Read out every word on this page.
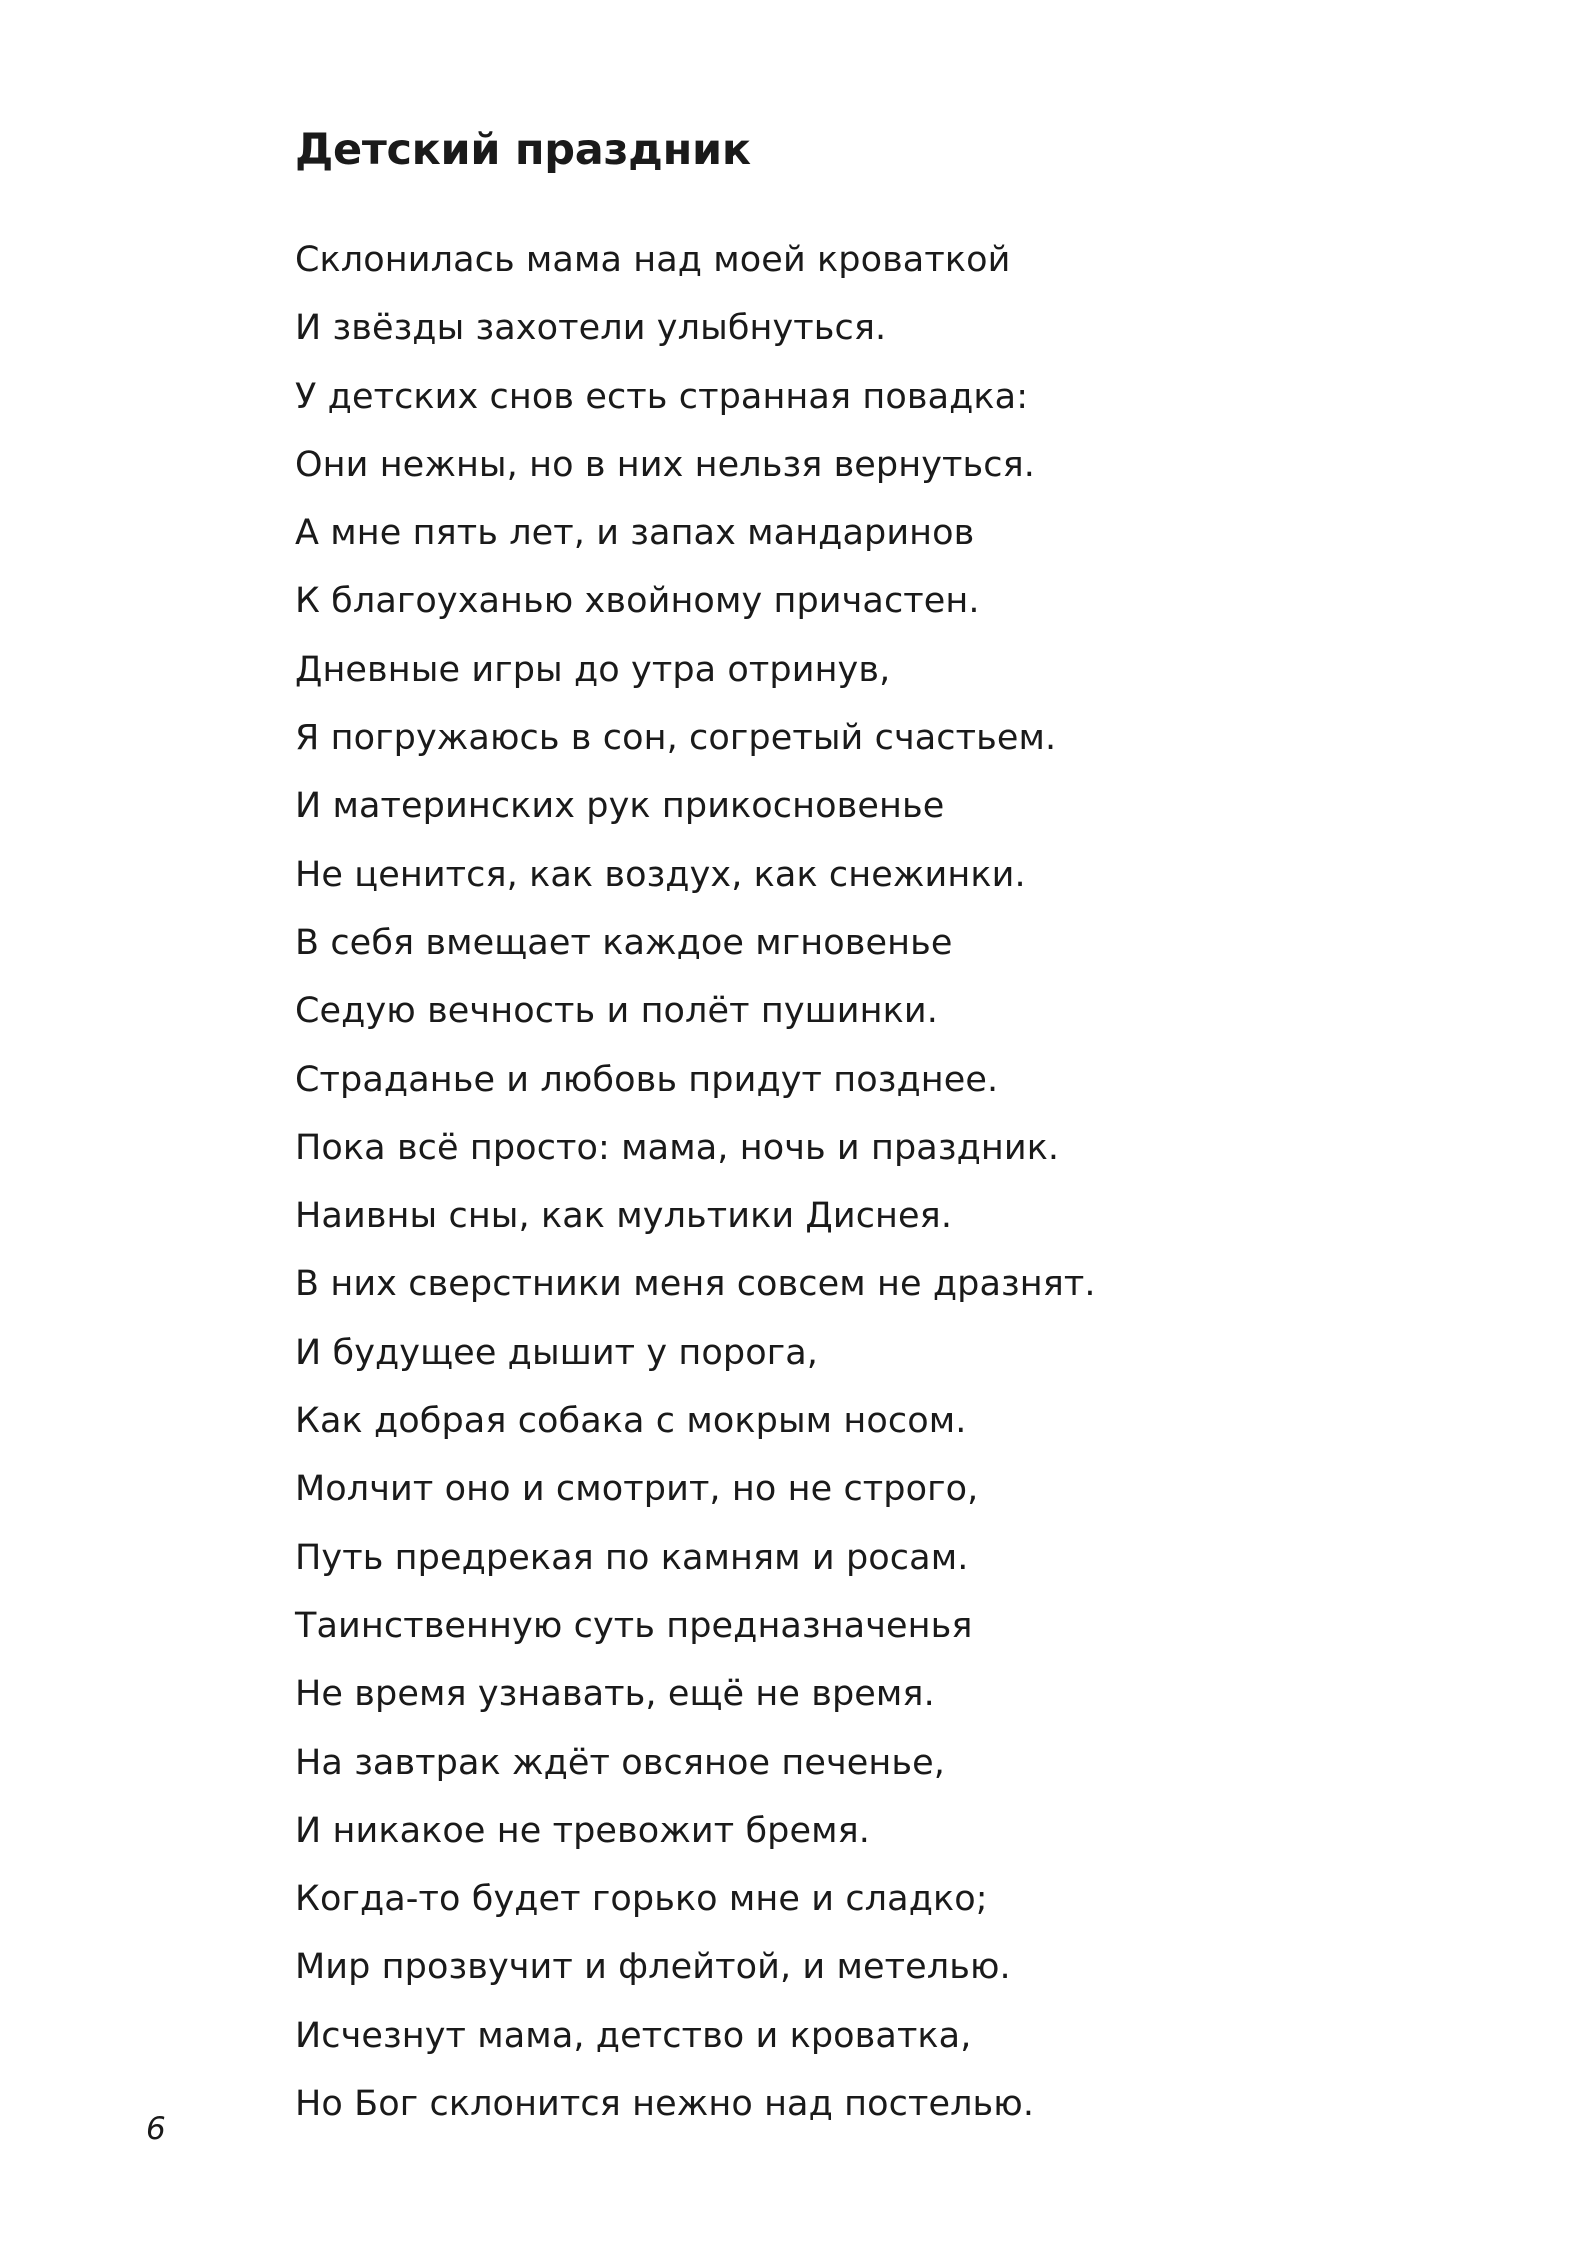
Детский праздник
Склонилась мама над моей кроваткой
И звёзды захотели улыбнуться.
У детских снов есть странная повадка:
Они нежны, но в них нельзя вернуться.
А мне пять лет, и запах мандаринов
К благоуханью хвойному причастен.
Дневные игры до утра отринув,
Я погружаюсь в сон, согретый счастьем.
И материнских рук прикосновенье
Не ценится, как воздух, как снежинки.
В себя вмещает каждое мгновенье
Седую вечность и полёт пушинки.
Страданье и любовь придут позднее.
Пока всё просто: мама, ночь и праздник.
Наивны сны, как мультики Диснея.
В них сверстники меня совсем не дразнят.
И будущее дышит у порога,
Как добрая собака с мокрым носом.
Молчит оно и смотрит, но не строго,
Путь предрекая по камням и росам.
Таинственную суть предназначенья
Не время узнавать, ещё не время.
На завтрак ждёт овсяное печенье,
И никакое не тревожит бремя.
Когда-то будет горько мне и сладко;
Мир прозвучит и флейтой, и метелью.
Исчезнут мама, детство и кроватка,
Но Бог склонится нежно над постелью.
6
